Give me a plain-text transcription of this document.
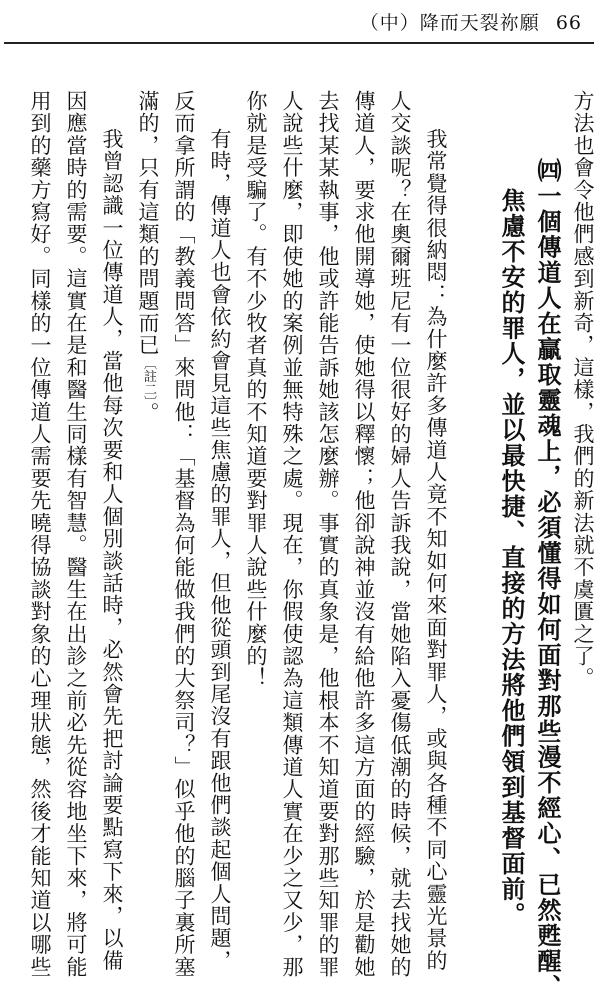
（中）降而天裂祢願 66
方法也會令他們感到新奇，這樣，我們的新法就不虞匱之了。
㈣一個傳道人在贏取靈魂上，必須懂得如何面對那些漫不經心、已然甦醒、
焦慮不安的罪人，並以最快捷、直接的方法將他們領到基督面前。
我常覺得很納悶：為什麼許多傳道人竟不知如何來面對罪人，或與各種不同心靈光景的
人交談呢？在奧爾班尼有一位很好的婦人告訴我說，當她陷入憂傷低潮的時候，就去找她的
傳道人，要求他開導她，使她得以釋懷；他卻說神並沒有給他許多這方面的經驗，於是勸她
去找某某執事，他或許能告訴她該怎麼辦。事實的真象是，他根本不知道要對那些知罪的罪
人說些什麼，即使她的案例並無特殊之處。現在，你假使認為這類傳道人實在少之又少，那
你就是受騙了。有不少牧者真的不知道要對罪人說些什麼的！
有時，傳道人也會依約會見這些焦慮的罪人，但他從頭到尾沒有跟他們談起個人問題，
反而拿所謂的「教義問答」來問他：「基督為何能做我們的大祭司？」似乎他的腦子裏所塞
滿的，只有這類的問題而已〔註二〕。
我曾認識一位傳道人，當他每次要和人個別談話時，必然會先把討論要點寫下來，以備
因應當時的需要。這實在是和醫生同樣有智慧。醫生在出診之前必先從容地坐下來，將可能
用到的藥方寫好。同樣的一位傳道人需要先曉得協談對象的心理狀態，然後才能知道以哪些
